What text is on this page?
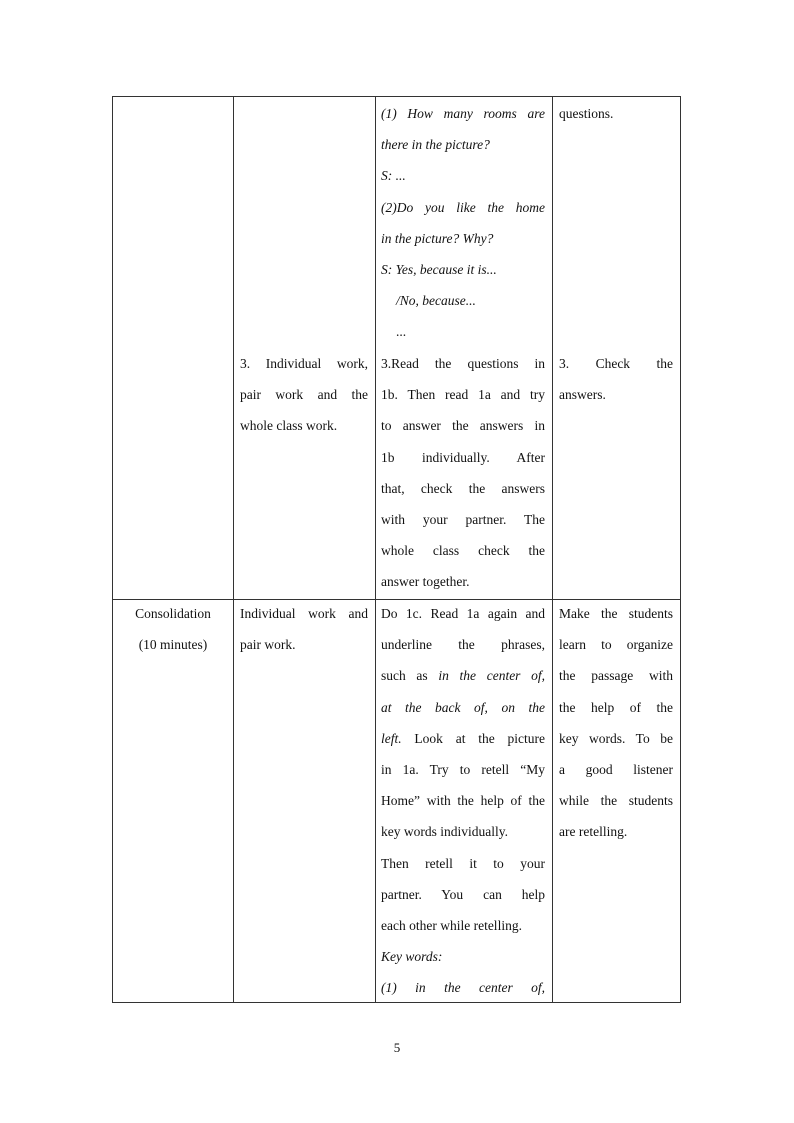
(1) How many rooms are
there in the picture?
S: ...
(2)Do you like the home
in the picture? Why?
S: Yes, because it is...
/No, because...
...
questions.
3. Individual work,
pair work and the
whole class work.
3.Read the questions in
1b. Then read 1a and try
to answer the answers in
1b individually. After
that, check the answers
with your partner. The
whole class check the
answer together.
3. Check the
answers.
Consolidation
(10 minutes)
Individual work and
pair work.
Do 1c. Read 1a again and
underline the phrases,
such as in the center of,
at the back of, on the
left. Look at the picture
in 1a. Try to retell “My
Home” with the help of the
key words individually.
Then retell it to your
partner. You can help
each other while retelling.
Key words:
(1) in the center of,
Make the students
learn to organize
the passage with
the help of the
key words. To be
a good listener
while the students
are retelling.
5
